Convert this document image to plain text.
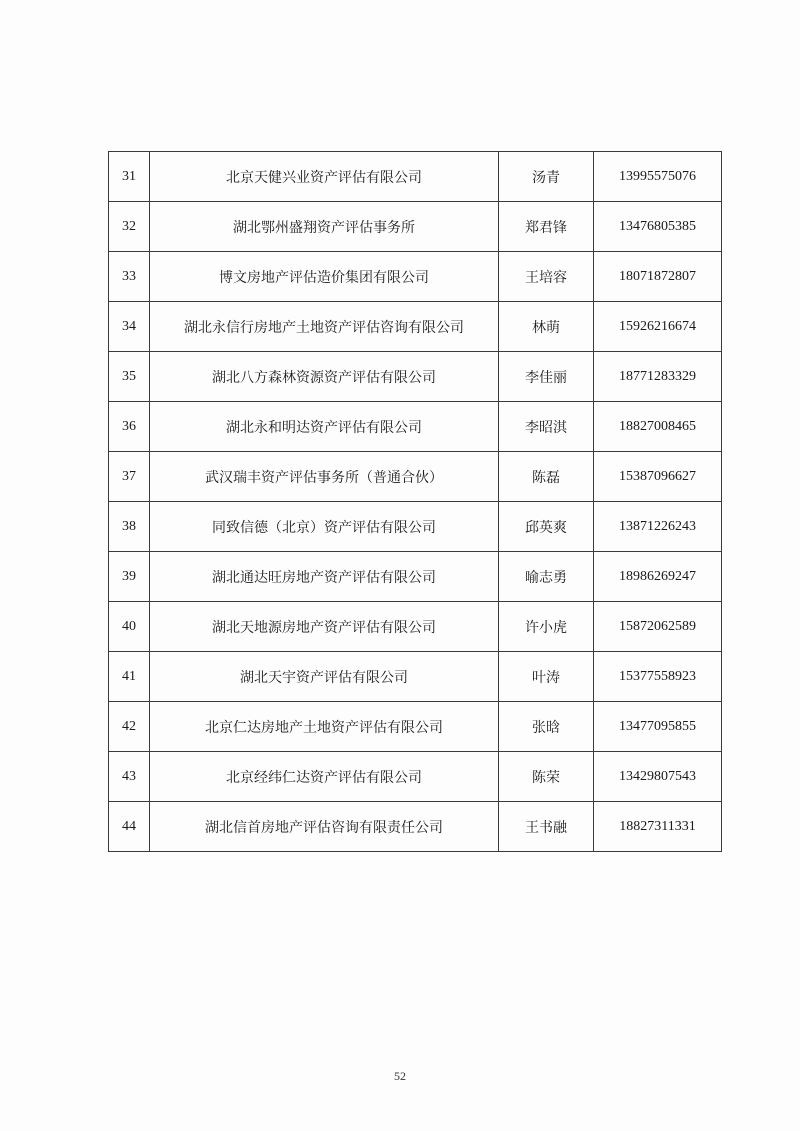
31	北京天健兴业资产评估有限公司	汤青	13995575076
32	湖北鄂州盛翔资产评估事务所	郑君锋	13476805385
33	博文房地产评估造价集团有限公司	王培容	18071872807
34	湖北永信行房地产土地资产评估咨询有限公司	林萌	15926216674
35	湖北八方森林资源资产评估有限公司	李佳丽	18771283329
36	湖北永和明达资产评估有限公司	李昭淇	18827008465
37	武汉瑞丰资产评估事务所（普通合伙）	陈磊	15387096627
38	同致信德（北京）资产评估有限公司	邱英爽	13871226243
39	湖北通达旺房地产资产评估有限公司	喻志勇	18986269247
40	湖北天地源房地产资产评估有限公司	许小虎	15872062589
41	湖北天宇资产评估有限公司	叶涛	15377558923
42	北京仁达房地产土地资产评估有限公司	张晗	13477095855
43	北京经纬仁达资产评估有限公司	陈荣	13429807543
44	湖北信首房地产评估咨询有限责任公司	王书融	18827311331
52
